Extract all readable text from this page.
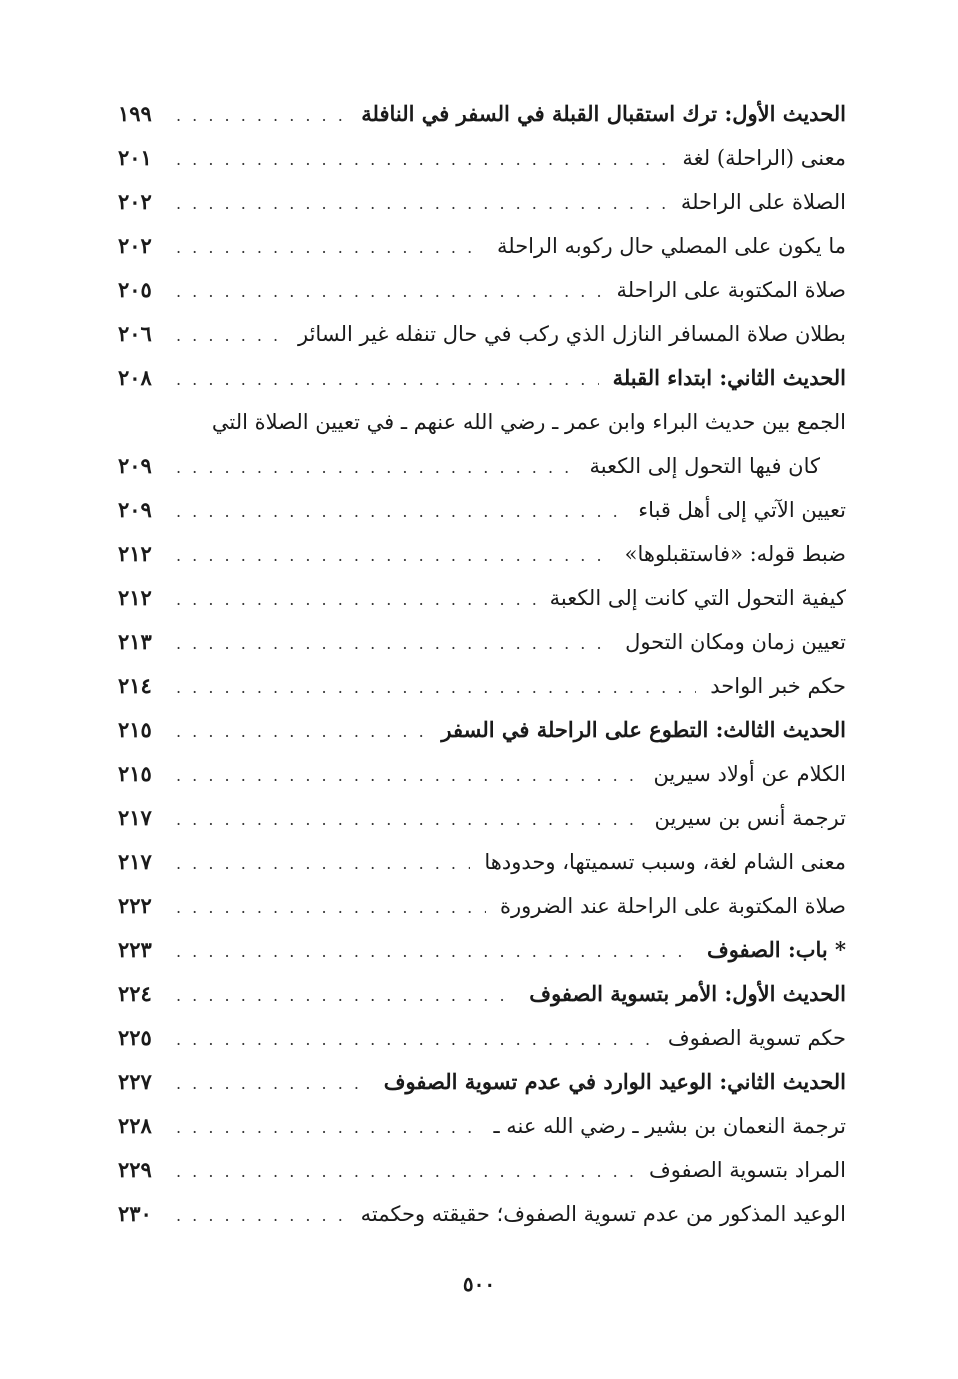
الحديث الأول: ترك استقبال القبلة في السفر في النافلة
. . .
١٩٩
معنى (الراحلة) لغة
. . .
٢٠١
الصلاة على الراحلة
. . .
٢٠٢
ما يكون على المصلي حال ركوبه الراحلة
. . .
٢٠٢
صلاة المكتوبة على الراحلة
. . .
٢٠٥
بطلان صلاة المسافر النازل الذي ركب في حال تنفله غير السائر
. . .
٢٠٦
الحديث الثاني: ابتداء القبلة
. . .
٢٠٨
الجمع بين حديث البراء وابن عمر ـ رضي الله عنهم ـ في تعيين الصلاة التي
كان فيها التحول إلى الكعبة
. . .
٢٠٩
تعيين الآتي إلى أهل قباء
. . .
٢٠٩
ضبط قوله: «فاستقبلوها»
. . .
٢١٢
كيفية التحول التي كانت إلى الكعبة
. . .
٢١٢
تعيين زمان ومكان التحول
. . .
٢١٣
حكم خبر الواحد
. . .
٢١٤
الحديث الثالث: التطوع على الراحلة في السفر
. . .
٢١٥
الكلام عن أولاد سيرين
. . .
٢١٥
ترجمة أنس بن سيرين
. . .
٢١٧
معنى الشام لغة، وسبب تسميتها، وحدودها
. . .
٢١٧
صلاة المكتوبة على الراحلة عند الضرورة
. . .
٢٢٢
* باب: الصفوف
. . .
٢٢٣
الحديث الأول: الأمر بتسوية الصفوف
. . .
٢٢٤
حكم تسوية الصفوف
. . .
٢٢٥
الحديث الثاني: الوعيد الوارد في عدم تسوية الصفوف
. . .
٢٢٧
ترجمة النعمان بن بشير ـ رضي الله عنه ـ
. . .
٢٢٨
المراد بتسوية الصفوف
. . .
٢٢٩
الوعيد المذكور من عدم تسوية الصفوف؛ حقيقته وحكمته
. . .
٢٣٠
٥٠٠
